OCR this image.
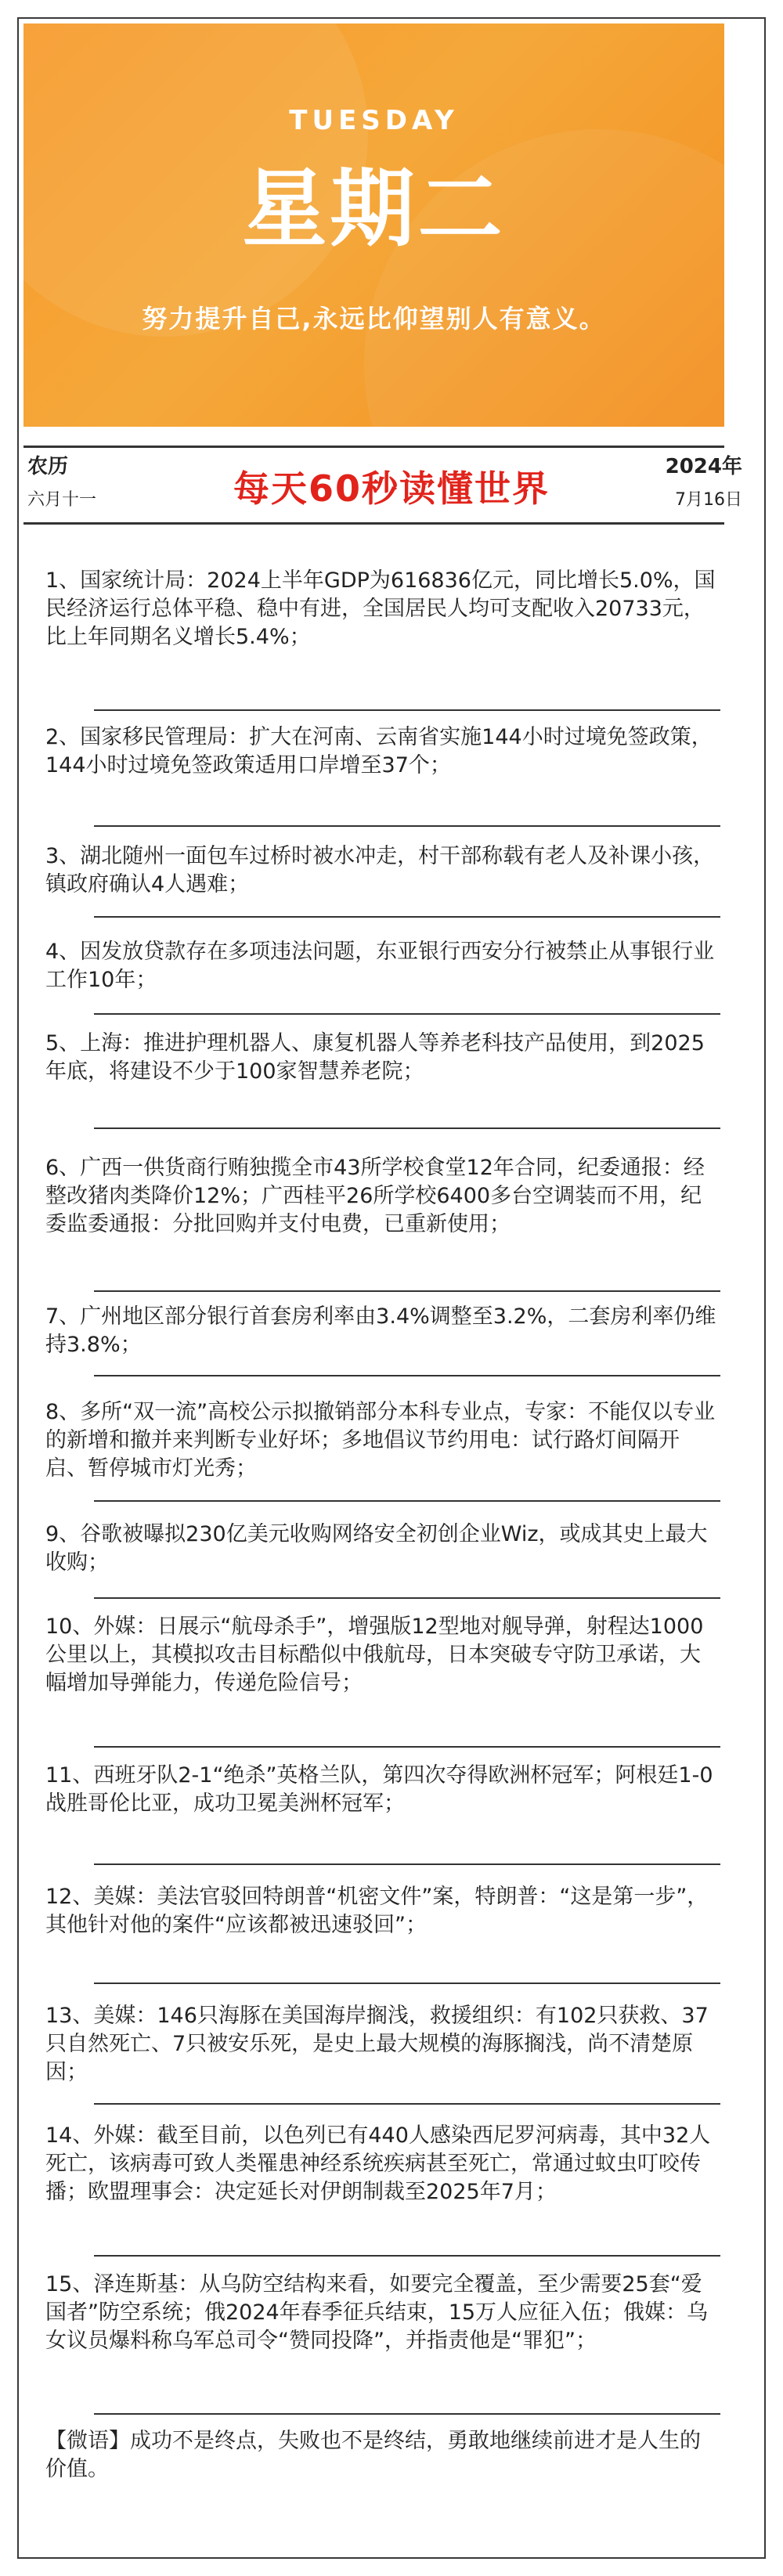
TUESDAY
星期二
努力提升自己,永远比仰望别人有意义。
农历
六月十一	每天60秒读懂世界
2024年
7月16日
1、国家统计局：2024上半年GDP为616836亿元，同比增长5.0%，国民经济运行总体平稳、稳中有进，全国居民人均可支配收入20733元，比上年同期名义增长5.4%；
2、国家移民管理局：扩大在河南、云南省实施144小时过境免签政策，144小时过境免签政策适用口岸增至37个；
3、湖北随州一面包车过桥时被水冲走，村干部称载有老人及补课小孩，镇政府确认4人遇难；
4、因发放贷款存在多项违法问题，东亚银行西安分行被禁止从事银行业工作10年；
5、上海：推进护理机器人、康复机器人等养老科技产品使用，到2025年底，将建设不少于100家智慧养老院；
6、广西一供货商行贿独揽全市43所学校食堂12年合同，纪委通报：经整改猪肉类降价12%；广西桂平26所学校6400多台空调装而不用，纪委监委通报：分批回购并支付电费，已重新使用；
7、广州地区部分银行首套房利率由3.4%调整至3.2%，二套房利率仍维持3.8%；
8、多所“双一流”高校公示拟撤销部分本科专业点，专家：不能仅以专业的新增和撤并来判断专业好坏；多地倡议节约用电：试行路灯间隔开启、暂停城市灯光秀；
9、谷歌被曝拟230亿美元收购网络安全初创企业Wiz，或成其史上最大收购；
10、外媒：日展示“航母杀手”，增强版12型地对舰导弹，射程达1000公里以上，其模拟攻击目标酷似中俄航母，日本突破专守防卫承诺，大幅增加导弹能力，传递危险信号；
11、西班牙队2-1“绝杀”英格兰队，第四次夺得欧洲杯冠军；阿根廷1-0战胜哥伦比亚，成功卫冕美洲杯冠军；
12、美媒：美法官驳回特朗普“机密文件”案，特朗普：“这是第一步”，其他针对他的案件“应该都被迅速驳回”；
13、美媒：146只海豚在美国海岸搁浅，救援组织：有102只获救、37只自然死亡、7只被安乐死，是史上最大规模的海豚搁浅，尚不清楚原因；
14、外媒：截至目前，以色列已有440人感染西尼罗河病毒，其中32人死亡，该病毒可致人类罹患神经系统疾病甚至死亡，常通过蚊虫叮咬传播；欧盟理事会：决定延长对伊朗制裁至2025年7月；
15、泽连斯基：从乌防空结构来看，如要完全覆盖，至少需要25套“爱国者”防空系统；俄2024年春季征兵结束，15万人应征入伍；俄媒：乌女议员爆料称乌军总司令“赞同投降”，并指责他是“罪犯”；
【微语】成功不是终点，失败也不是终结，勇敢地继续前进才是人生的价值。
